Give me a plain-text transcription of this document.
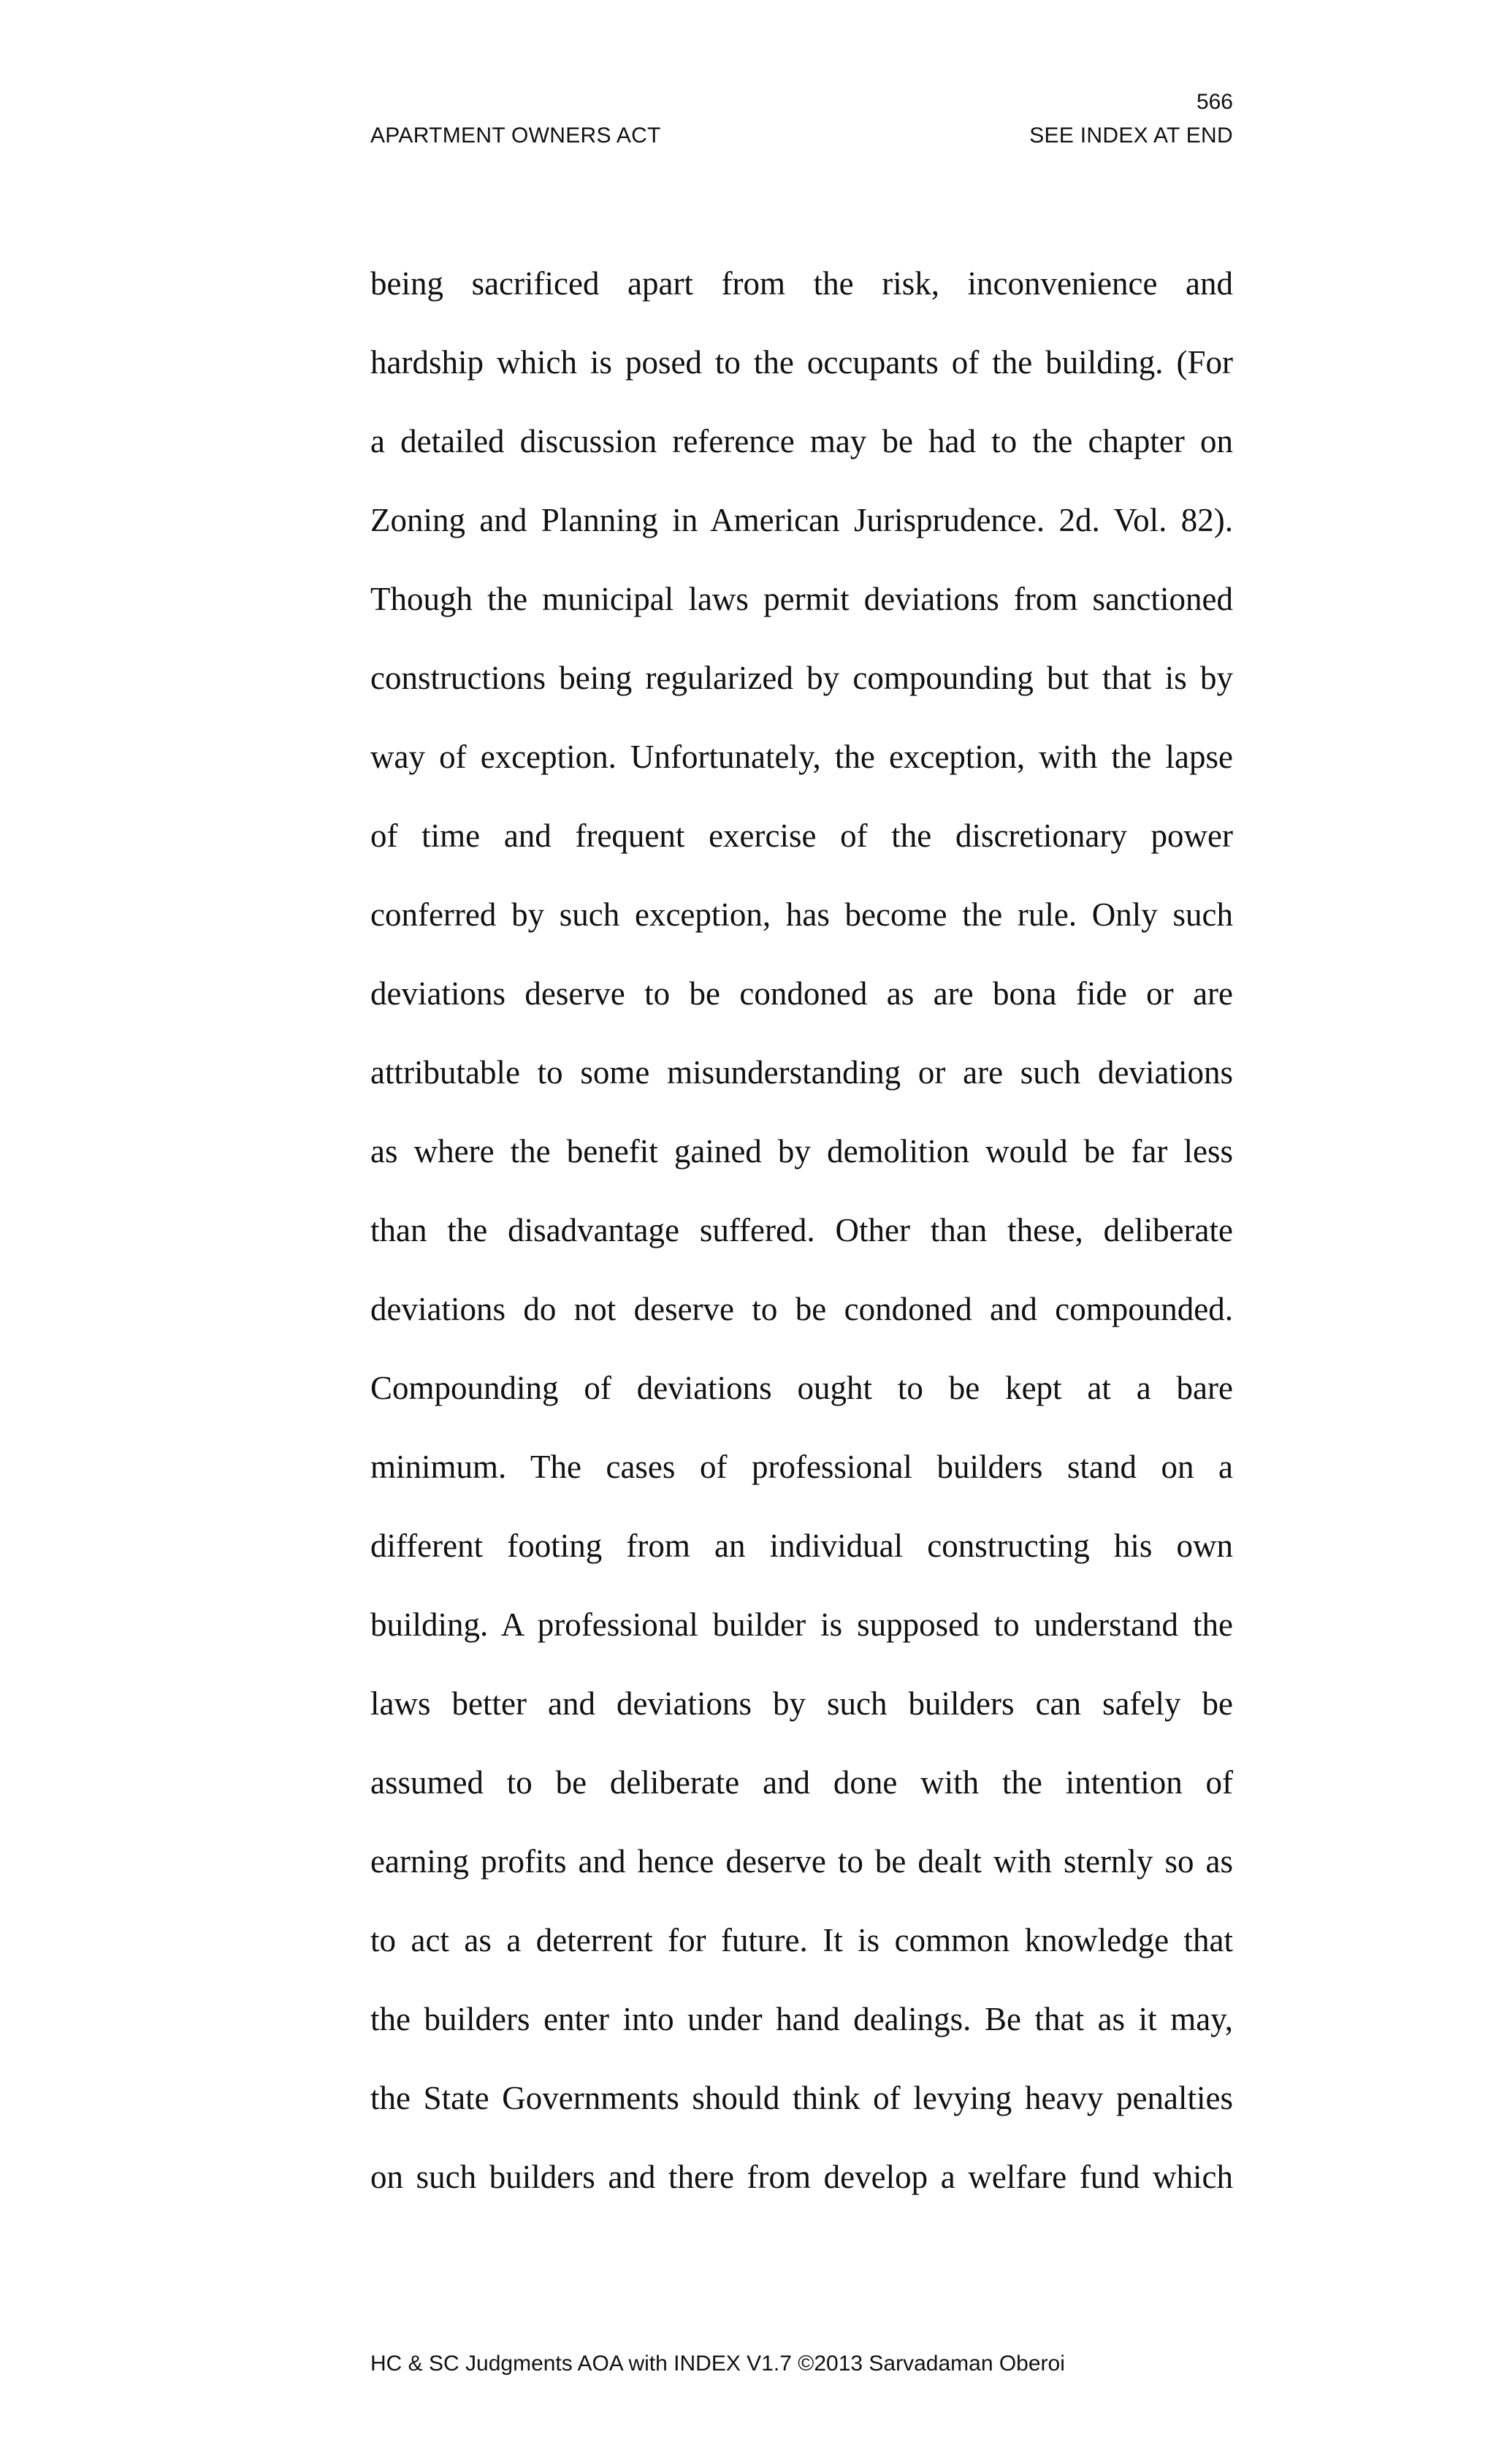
566
APARTMENT OWNERS ACT	SEE INDEX AT END
being sacrificed apart from the risk, inconvenience and
hardship which is posed to the occupants of the building. (For
a detailed discussion reference may be had to the chapter on
Zoning and Planning in American Jurisprudence. 2d. Vol. 82).
Though the municipal laws permit deviations from sanctioned
constructions being regularized by compounding but that is by
way of exception. Unfortunately, the exception, with the lapse
of time and frequent exercise of the discretionary power
conferred by such exception, has become the rule. Only such
deviations deserve to be condoned as are bona fide or are
attributable to some misunderstanding or are such deviations
as where the benefit gained by demolition would be far less
than the disadvantage suffered. Other than these, deliberate
deviations do not deserve to be condoned and compounded.
Compounding of deviations ought to be kept at a bare
minimum. The cases of professional builders stand on a
different footing from an individual constructing his own
building. A professional builder is supposed to understand the
laws better and deviations by such builders can safely be
assumed to be deliberate and done with the intention of
earning profits and hence deserve to be dealt with sternly so as
to act as a deterrent for future. It is common knowledge that
the builders enter into under hand dealings. Be that as it may,
the State Governments should think of levying heavy penalties
on such builders and there from develop a welfare fund which
HC & SC Judgments AOA with INDEX V1.7 ©2013 Sarvadaman Oberoi
